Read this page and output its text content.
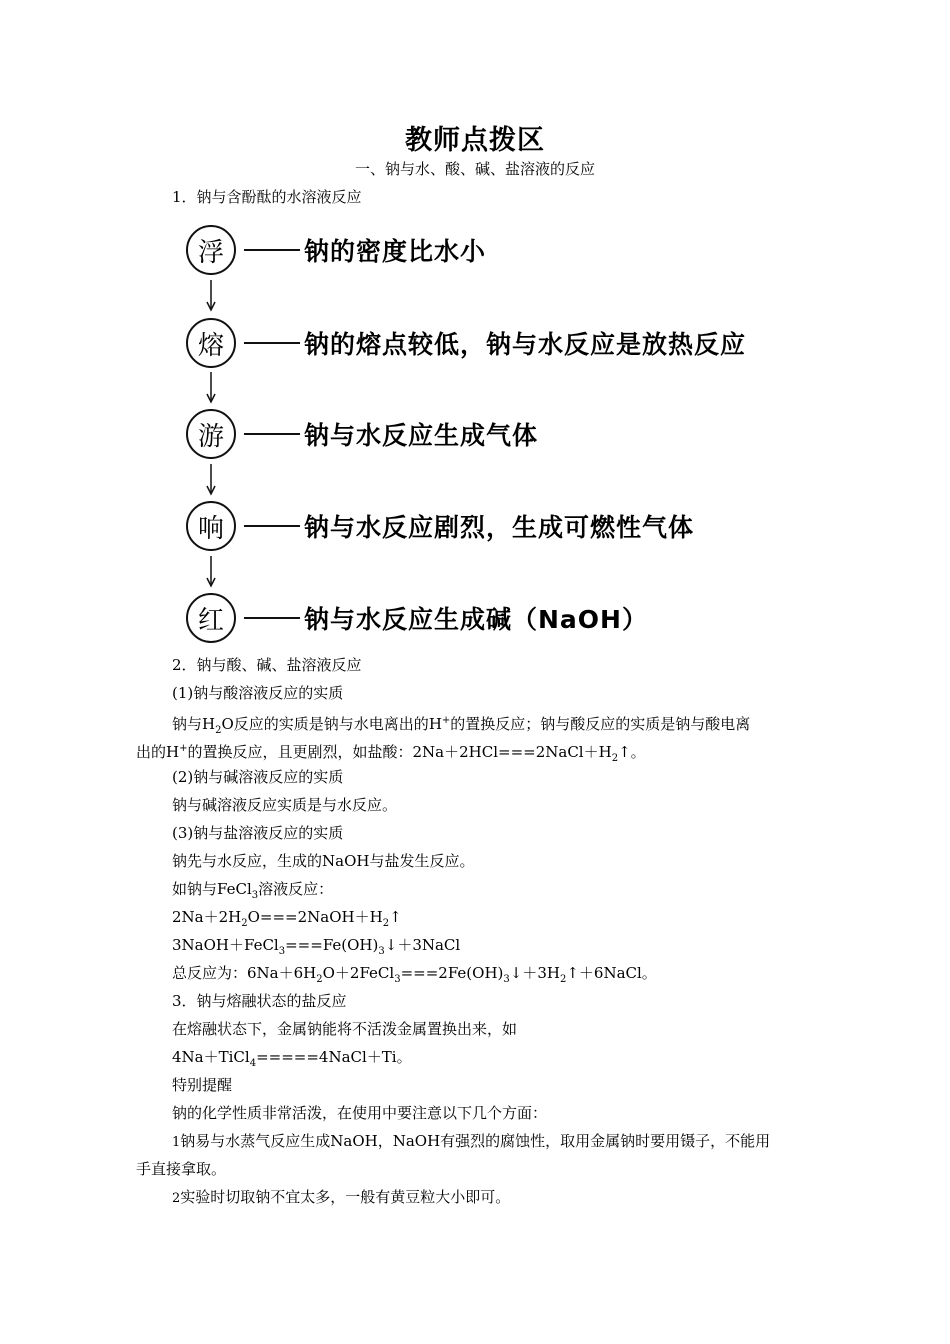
教师点拨区
一、钠与水、酸、碱、盐溶液的反应
1．钠与含酚酞的水溶液反应
浮	钠的密度比水小
熔	钠的熔点较低，钠与水反应是放热反应
游	钠与水反应生成气体
响	钠与水反应剧烈，生成可燃性气体
红	钠与水反应生成碱（NaOH）
2．钠与酸、碱、盐溶液反应
(1)钠与酸溶液反应的实质
钠与$H_2O$反应的实质是钠与水电离出的H+的置换反应；钠与酸反应的实质是钠与酸电离
出的H+的置换反应，且更剧烈，如盐酸：$2Na+2HCl===2NaCl+H_2↑$。
(2)钠与碱溶液反应的实质
钠与碱溶液反应实质是与水反应。
(3)钠与盐溶液反应的实质
钠先与水反应，生成的NaOH与盐发生反应。
如钠与FeCl$_3$溶液反应：
$2Na+2H_2O===2NaOH+H_2↑$
$3NaOH+FeCl_3===Fe(OH)_3↓+3NaCl$
总反应为：$6Na+6H_2O+2FeCl_3===2Fe(OH)_3↓+3H_2↑+6NaCl$。
3．钠与熔融状态的盐反应
在熔融状态下，金属钠能将不活泼金属置换出来，如
4Na＋TiCl$_4$=====4NaCl＋Ti。
特别提醒
钠的化学性质非常活泼，在使用中要注意以下几个方面：
1钠易与水蒸气反应生成NaOH，NaOH有强烈的腐蚀性，取用金属钠时要用镊子，不能用
手直接拿取。
2实验时切取钠不宜太多，一般有黄豆粒大小即可。
